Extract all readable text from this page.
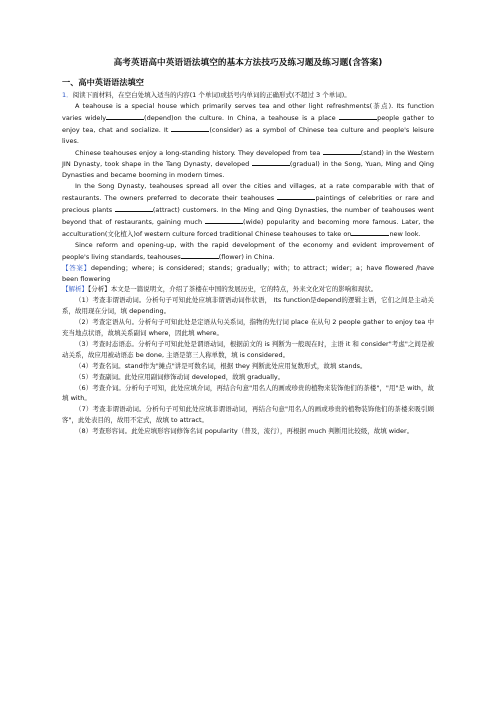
高考英语高中英语语法填空的基本方法技巧及练习题及练习题(含答案)
一、高中英语语法填空

1．阅读下面材料，在空白处填入适当的内容(1 个单词)或括号内单词的正确形式(不超过 3 个单词)。

A teahouse is a special house which primarily serves tea and other light refreshments(茶点). Its function varies widely	(depend)on the culture. In China, a teahouse is a place	people gather to enjoy tea, chat and socialize. It	(consider) as a symbol of Chinese tea culture and people's leisure lives.

Chinese teahouses enjoy a long-standing history. They developed from tea	(stand) in the Western JIN Dynasty, took shape in the Tang Dynasty, developed	(gradual) in the Song, Yuan, Ming and Qing Dynasties and became booming in modern times.

In the Song Dynasty, teahouses spread all over the cities and villages, at a rate comparable with that of restaurants. The owners preferred to decorate their teahouses	paintings of celebrities or rare and precious plants	(attract) customers. In the Ming and Qing Dynasties, the number of teahouses went beyond that of restaurants, gaining much	(wide) popularity and becoming more famous. Later, the acculturation(文化植入)of western culture forced traditional Chinese teahouses to take on	new look.

Since reform and opening-up, with the rapid development of the economy and evident improvement of people's living standards, teahouses	(flower) in China.

【答案】depending；where；is considered；stands；gradually；with；to attract；wider；a；have flowered /have been flowering

【解析】【分析】本文是一篇说明文，介绍了茶楼在中国的发展历史，它的特点，外来文化对它的影响和现状。

（1）考查非谓语动词。分析句子可知此处应填非谓语动词作状语， Its function是depend的逻辑主语，它们之间是主动关系，故用现在分词，填 depending。

（2）考查定语从句。分析句子可知此处是定语从句关系词，指物的先行词 place 在从句 2 people gather to enjoy tea 中充当地点状语，故填关系副词 where，因此填 where。

（3）考查时态语态。分析句子可知此处是谓语动词，根据前文的 is 判断为一般现在时，主语 it 和 consider"考虑"之间是被动关系，故应用被动语态 be done, 主语是第三人称单数，填 is considered。

（4）考查名词。stand作为"摊点"讲是可数名词，根据 they 判断此处应用复数形式，故填 stands。

（5）考查副词。此处应用副词修饰动词 developed，故填 gradually。

（6）考查介词。分析句子可知，此处应填介词，再结合句意"用名人的画或珍贵的植物来装饰他们的茶楼"，"用"是 with，故填 with。

（7）考查非谓语动词。分析句子可知此处应填非谓语动词，再结合句意"用名人的画或珍贵的植物装饰他们的茶楼来吸引顾客"，此处表目的，故用不定式，故填 to attract。

（8）考查形容词。此处应填形容词修饰名词 popularity（普及，流行），再根据 much 判断用比较级，故填 wider。
